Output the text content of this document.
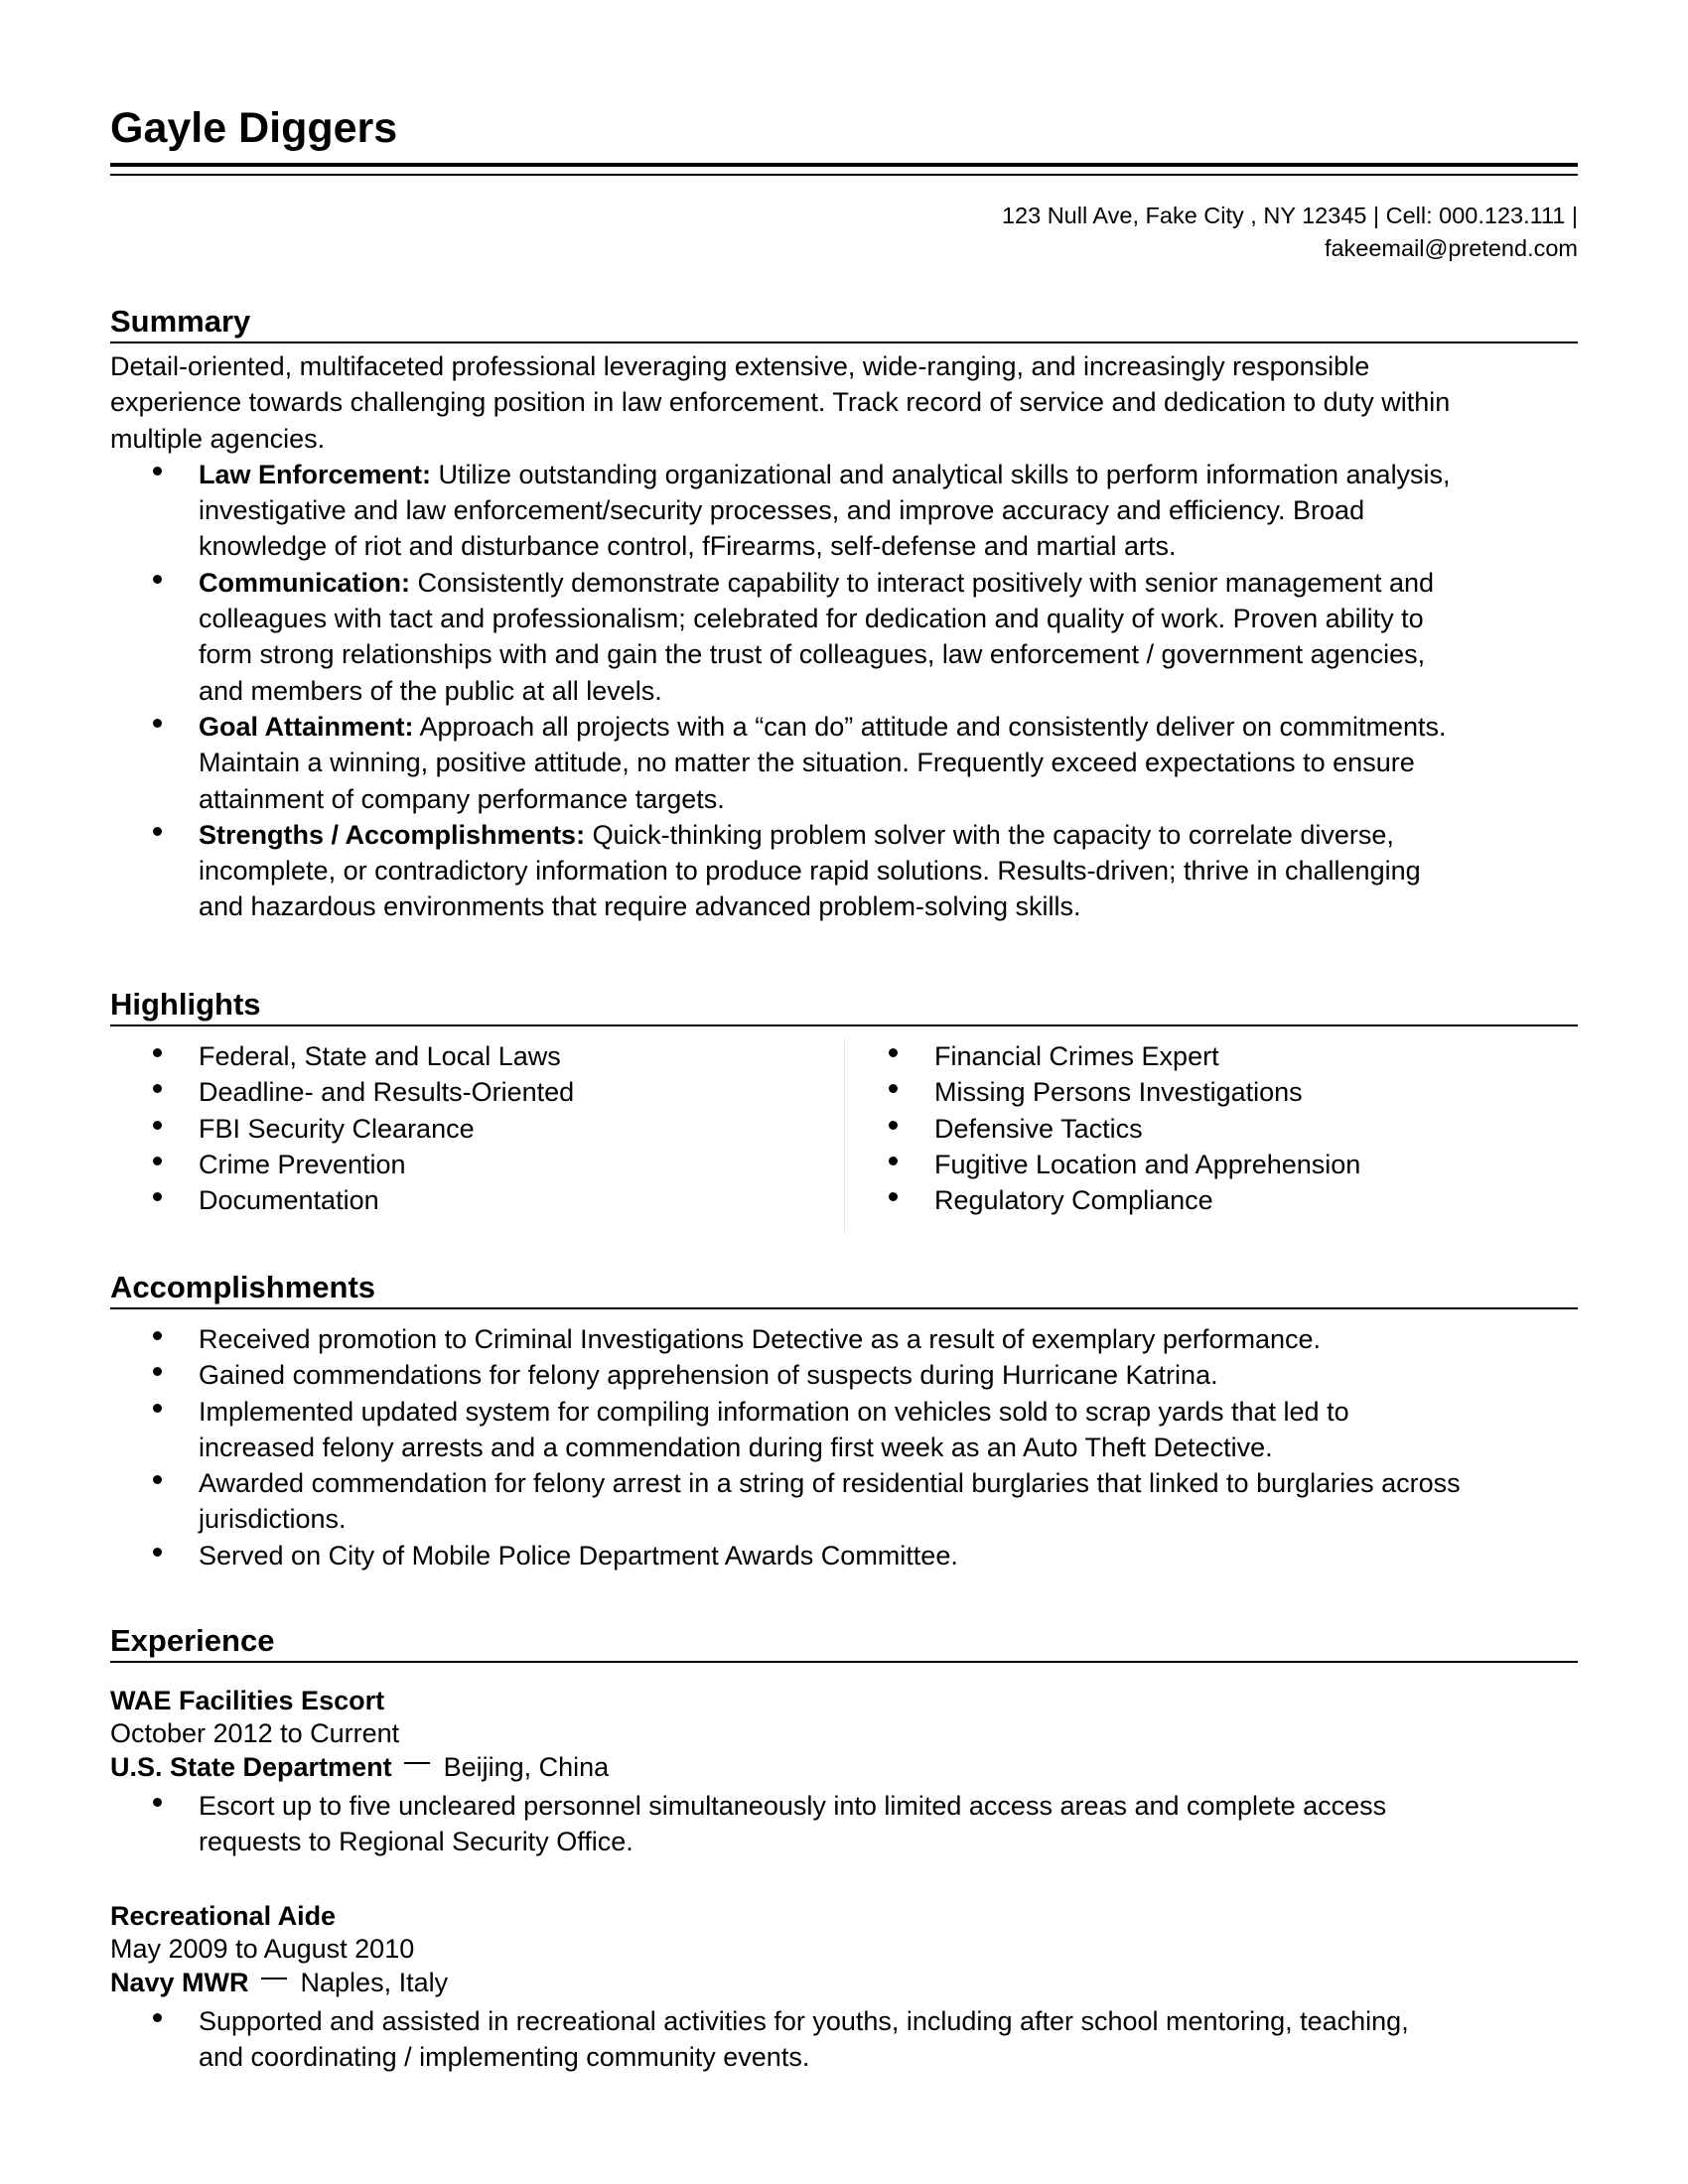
Gayle Diggers
123 Null Ave, Fake City , NY 12345 | Cell: 000.123.111 |
fakeemail@pretend.com
Summary

Detail-oriented, multifaceted professional leveraging extensive, wide-ranging, and increasingly responsible

experience towards challenging position in law enforcement. Track record of service and dedication to duty within

multiple agencies.

Law Enforcement: Utilize outstanding organizational and analytical skills to perform information analysis,
investigative and law enforcement/security processes, and improve accuracy and efficiency. Broad
knowledge of riot and disturbance control, fFirearms, self-defense and martial arts.
Communication: Consistently demonstrate capability to interact positively with senior management and
colleagues with tact and professionalism; celebrated for dedication and quality of work. Proven ability to
form strong relationships with and gain the trust of colleagues, law enforcement / government agencies,
and members of the public at all levels.
Goal Attainment: Approach all projects with a “can do” attitude and consistently deliver on commitments.
Maintain a winning, positive attitude, no matter the situation. Frequently exceed expectations to ensure
attainment of company performance targets.
Strengths / Accomplishments: Quick-thinking problem solver with the capacity to correlate diverse,
incomplete, or contradictory information to produce rapid solutions. Results-driven; thrive in challenging
and hazardous environments that require advanced problem-solving skills.
Highlights
Federal, State and Local Laws
Deadline- and Results-Oriented
FBI Security Clearance
Crime Prevention
Documentation
Financial Crimes Expert
Missing Persons Investigations
Defensive Tactics
Fugitive Location and Apprehension
Regulatory Compliance
Accomplishments
Received promotion to Criminal Investigations Detective as a result of exemplary performance.
Gained commendations for felony apprehension of suspects during Hurricane Katrina.
Implemented updated system for compiling information on vehicles sold to scrap yards that led to
increased felony arrests and a commendation during first week as an Auto Theft Detective.
Awarded commendation for felony arrest in a string of residential burglaries that linked to burglaries across
jurisdictions.
Served on City of Mobile Police Department Awards Committee.
Experience
WAE Facilities Escort
October 2012 to Current
U.S. State Department Beijing, China
Escort up to five uncleared personnel simultaneously into limited access areas and complete access
requests to Regional Security Office.
Recreational Aide
May 2009 to August 2010
Navy MWR Naples, Italy
Supported and assisted in recreational activities for youths, including after school mentoring, teaching,
and coordinating / implementing community events.
